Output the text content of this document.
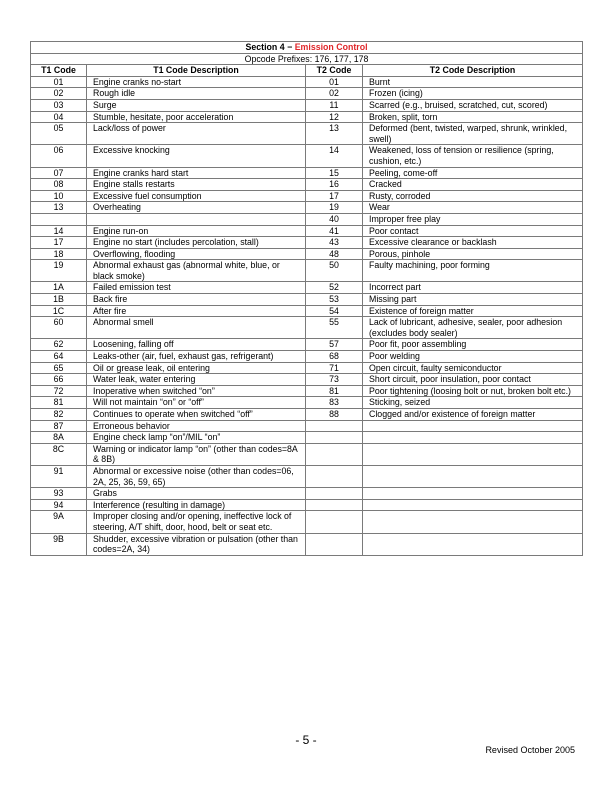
Section 4 − Emission Control			
Opcode Prefixes: 176, 177, 178			
T1 Code	T1 Code Description	T2 Code	T2 Code Description
01	Engine cranks no-start	01	Burnt
02	Rough idle	02	Frozen (icing)
03	Surge	11	Scarred (e.g., bruised, scratched, cut, scored)
04	Stumble, hesitate, poor acceleration	12	Broken, split, torn
05	Lack/loss of power	13	Deformed (bent, twisted, warped, shrunk, wrinkled, swell)
06	Excessive knocking	14	Weakened, loss of tension or resilience (spring, cushion, etc.)
07	Engine cranks hard start	15	Peeling, come-off
08	Engine stalls restarts	16	Cracked
10	Excessive fuel consumption	17	Rusty, corroded
13	Overheating	19	Wear
		40	Improper free play
14	Engine run-on	41	Poor contact
17	Engine no start (includes percolation, stall)	43	Excessive clearance or backlash
18	Overflowing, flooding	48	Porous, pinhole
19	Abnormal exhaust gas (abnormal white, blue, or black smoke)	50	Faulty machining, poor forming
1A	Failed emission test	52	Incorrect part
1B	Back fire	53	Missing part
1C	After fire	54	Existence of foreign matter
60	Abnormal smell	55	Lack of lubricant, adhesive, sealer, poor adhesion (excludes body sealer)
62	Loosening, falling off	57	Poor fit, poor assembling
64	Leaks-other (air, fuel, exhaust gas, refrigerant)	68	Poor welding
65	Oil or grease leak, oil entering	71	Open circuit, faulty semiconductor
66	Water leak, water entering	73	Short circuit, poor insulation, poor contact
72	Inoperative when switched “on”	81	Poor tightening (loosing bolt or nut, broken bolt etc.)
81	Will not maintain “on” or “off”	83	Sticking, seized
82	Continues to operate when switched “off”	88	Clogged and/or existence of foreign matter
87	Erroneous behavior		
8A	Engine check lamp “on”/MIL “on”		
8C	Warning or indicator lamp “on” (other than codes=8A & 8B)		
91	Abnormal or excessive noise (other than codes=06, 2A, 25, 36, 59, 65)		
93	Grabs		
94	Interference (resulting in damage)		
9A	Improper closing and/or opening, ineffective lock of steering, A/T shift, door, hood, belt or seat etc.		
9B	Shudder, excessive vibration or pulsation (other than codes=2A, 34)		
- 5 -
Revised October 2005
